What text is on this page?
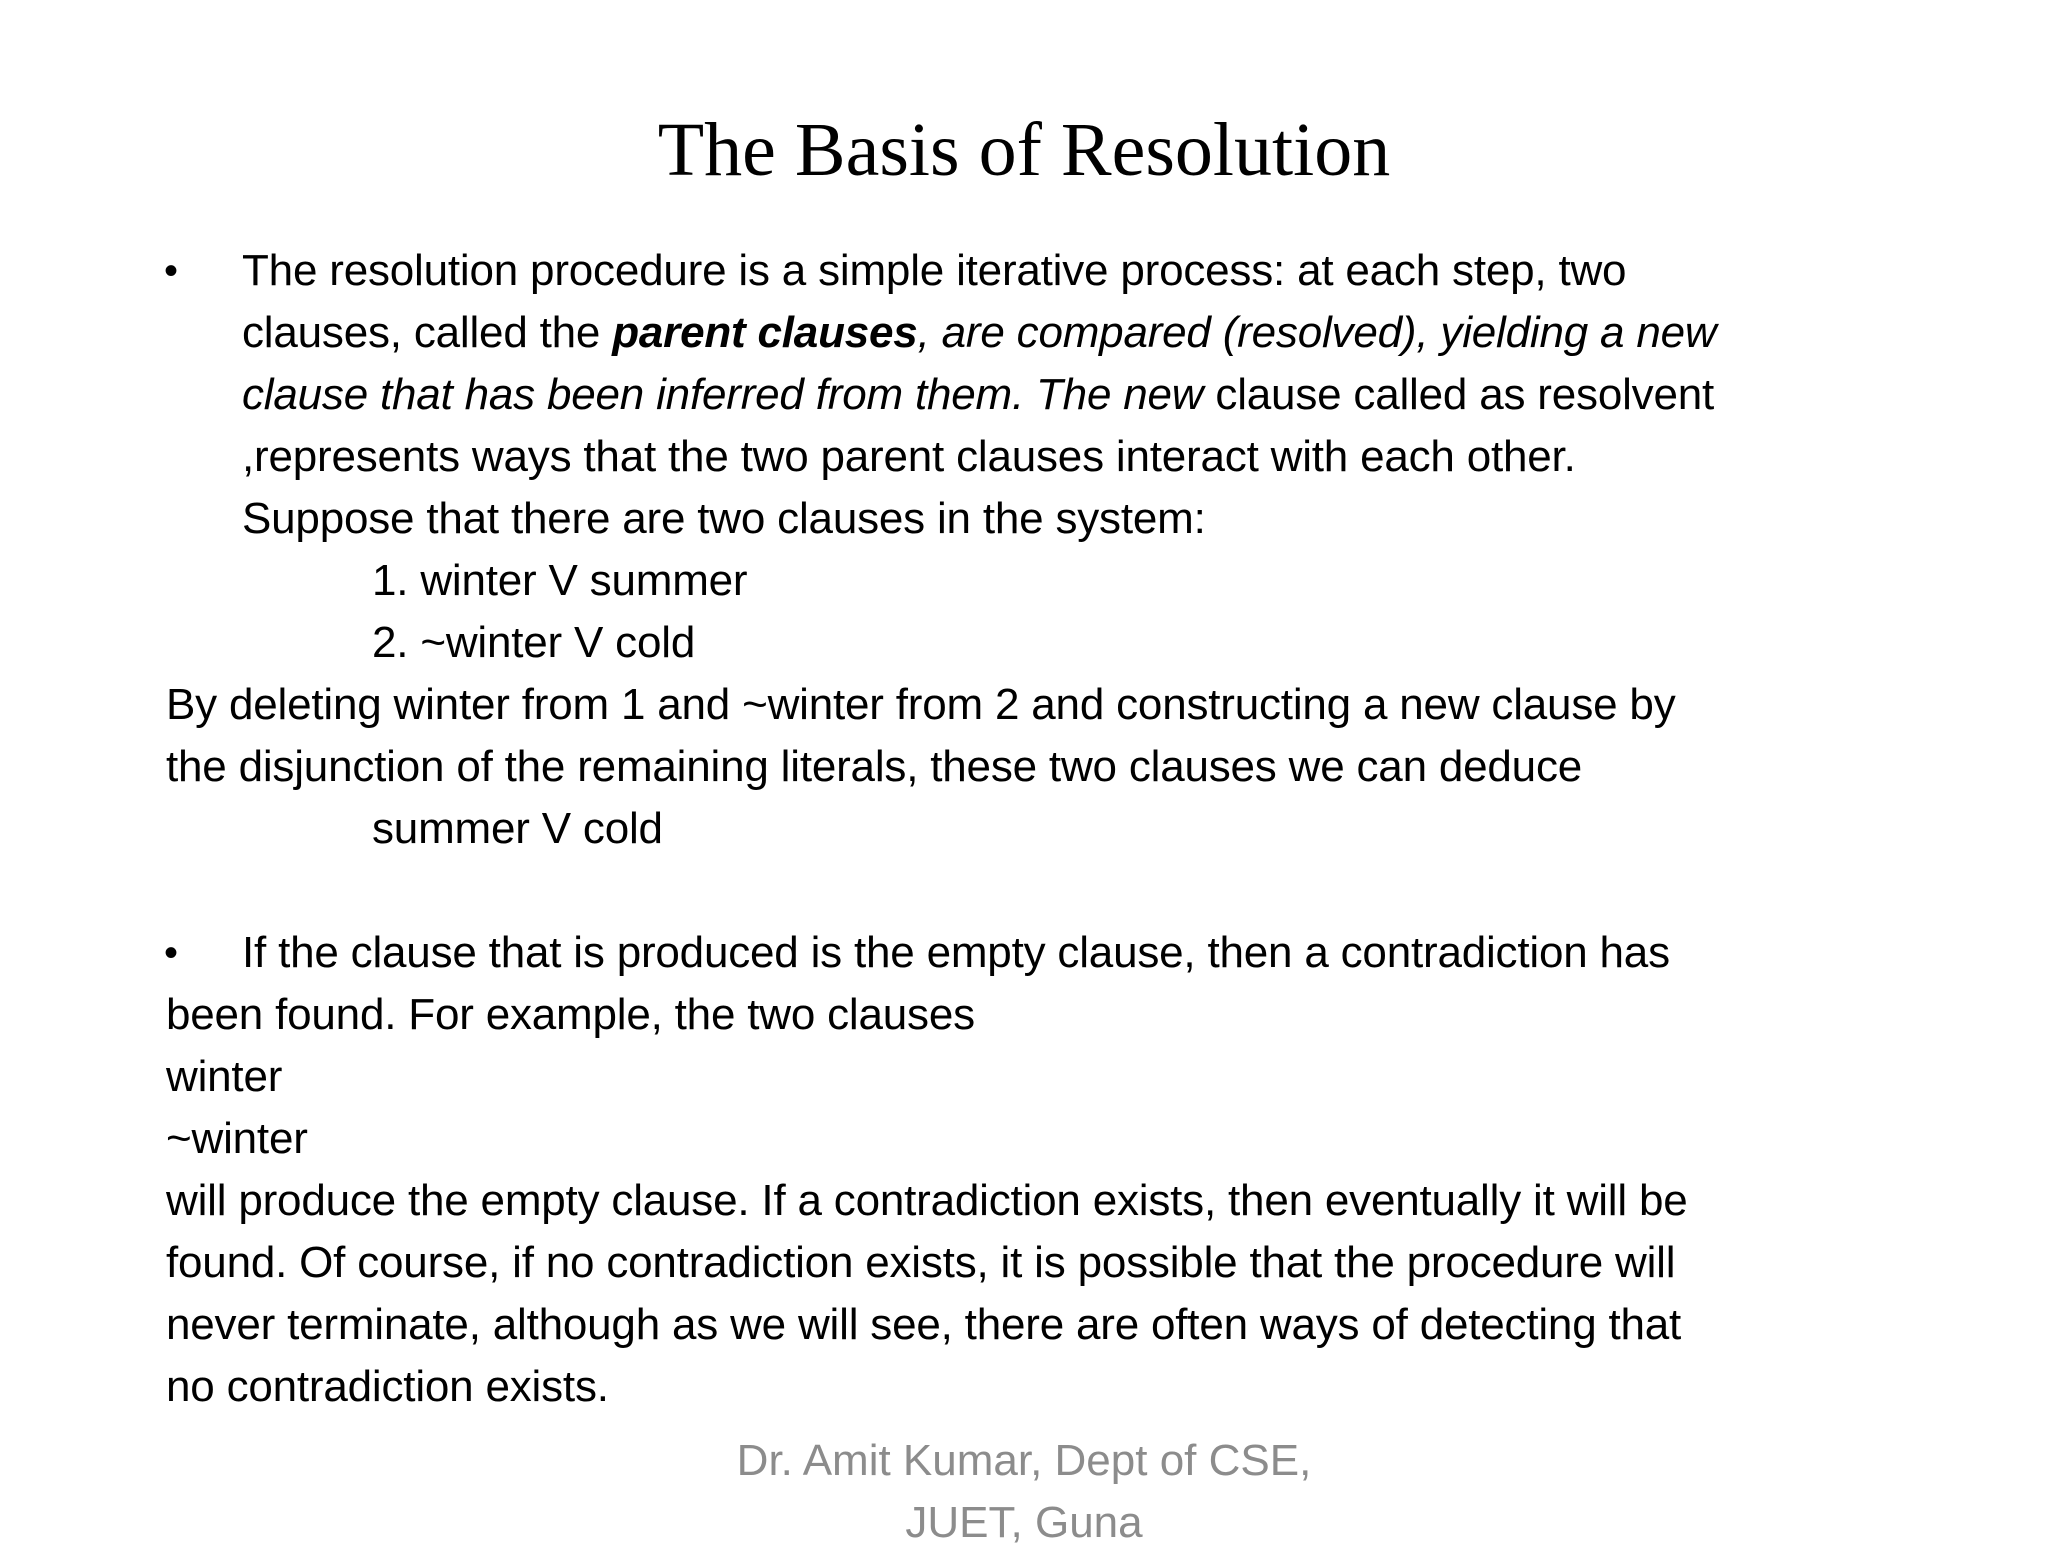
The Basis of Resolution
• The resolution procedure is a simple iterative process: at each step, two
clauses, called the parent clauses, are compared (resolved), yielding a new
clause that has been inferred from them. The new clause called as resolvent
,represents ways that the two parent clauses interact with each other.
Suppose that there are two clauses in the system:
1. winter V summer
2. ~winter V cold
By deleting winter from 1 and ~winter from 2 and constructing a new clause by
the disjunction of the remaining literals, these two clauses we can deduce
summer V cold
• If the clause that is produced is the empty clause, then a contradiction has
been found. For example, the two clauses
winter
~winter
will produce the empty clause. If a contradiction exists, then eventually it will be
found. Of course, if no contradiction exists, it is possible that the procedure will
never terminate, although as we will see, there are often ways of detecting that
no contradiction exists.
Dr. Amit Kumar, Dept of CSE,
JUET, Guna
